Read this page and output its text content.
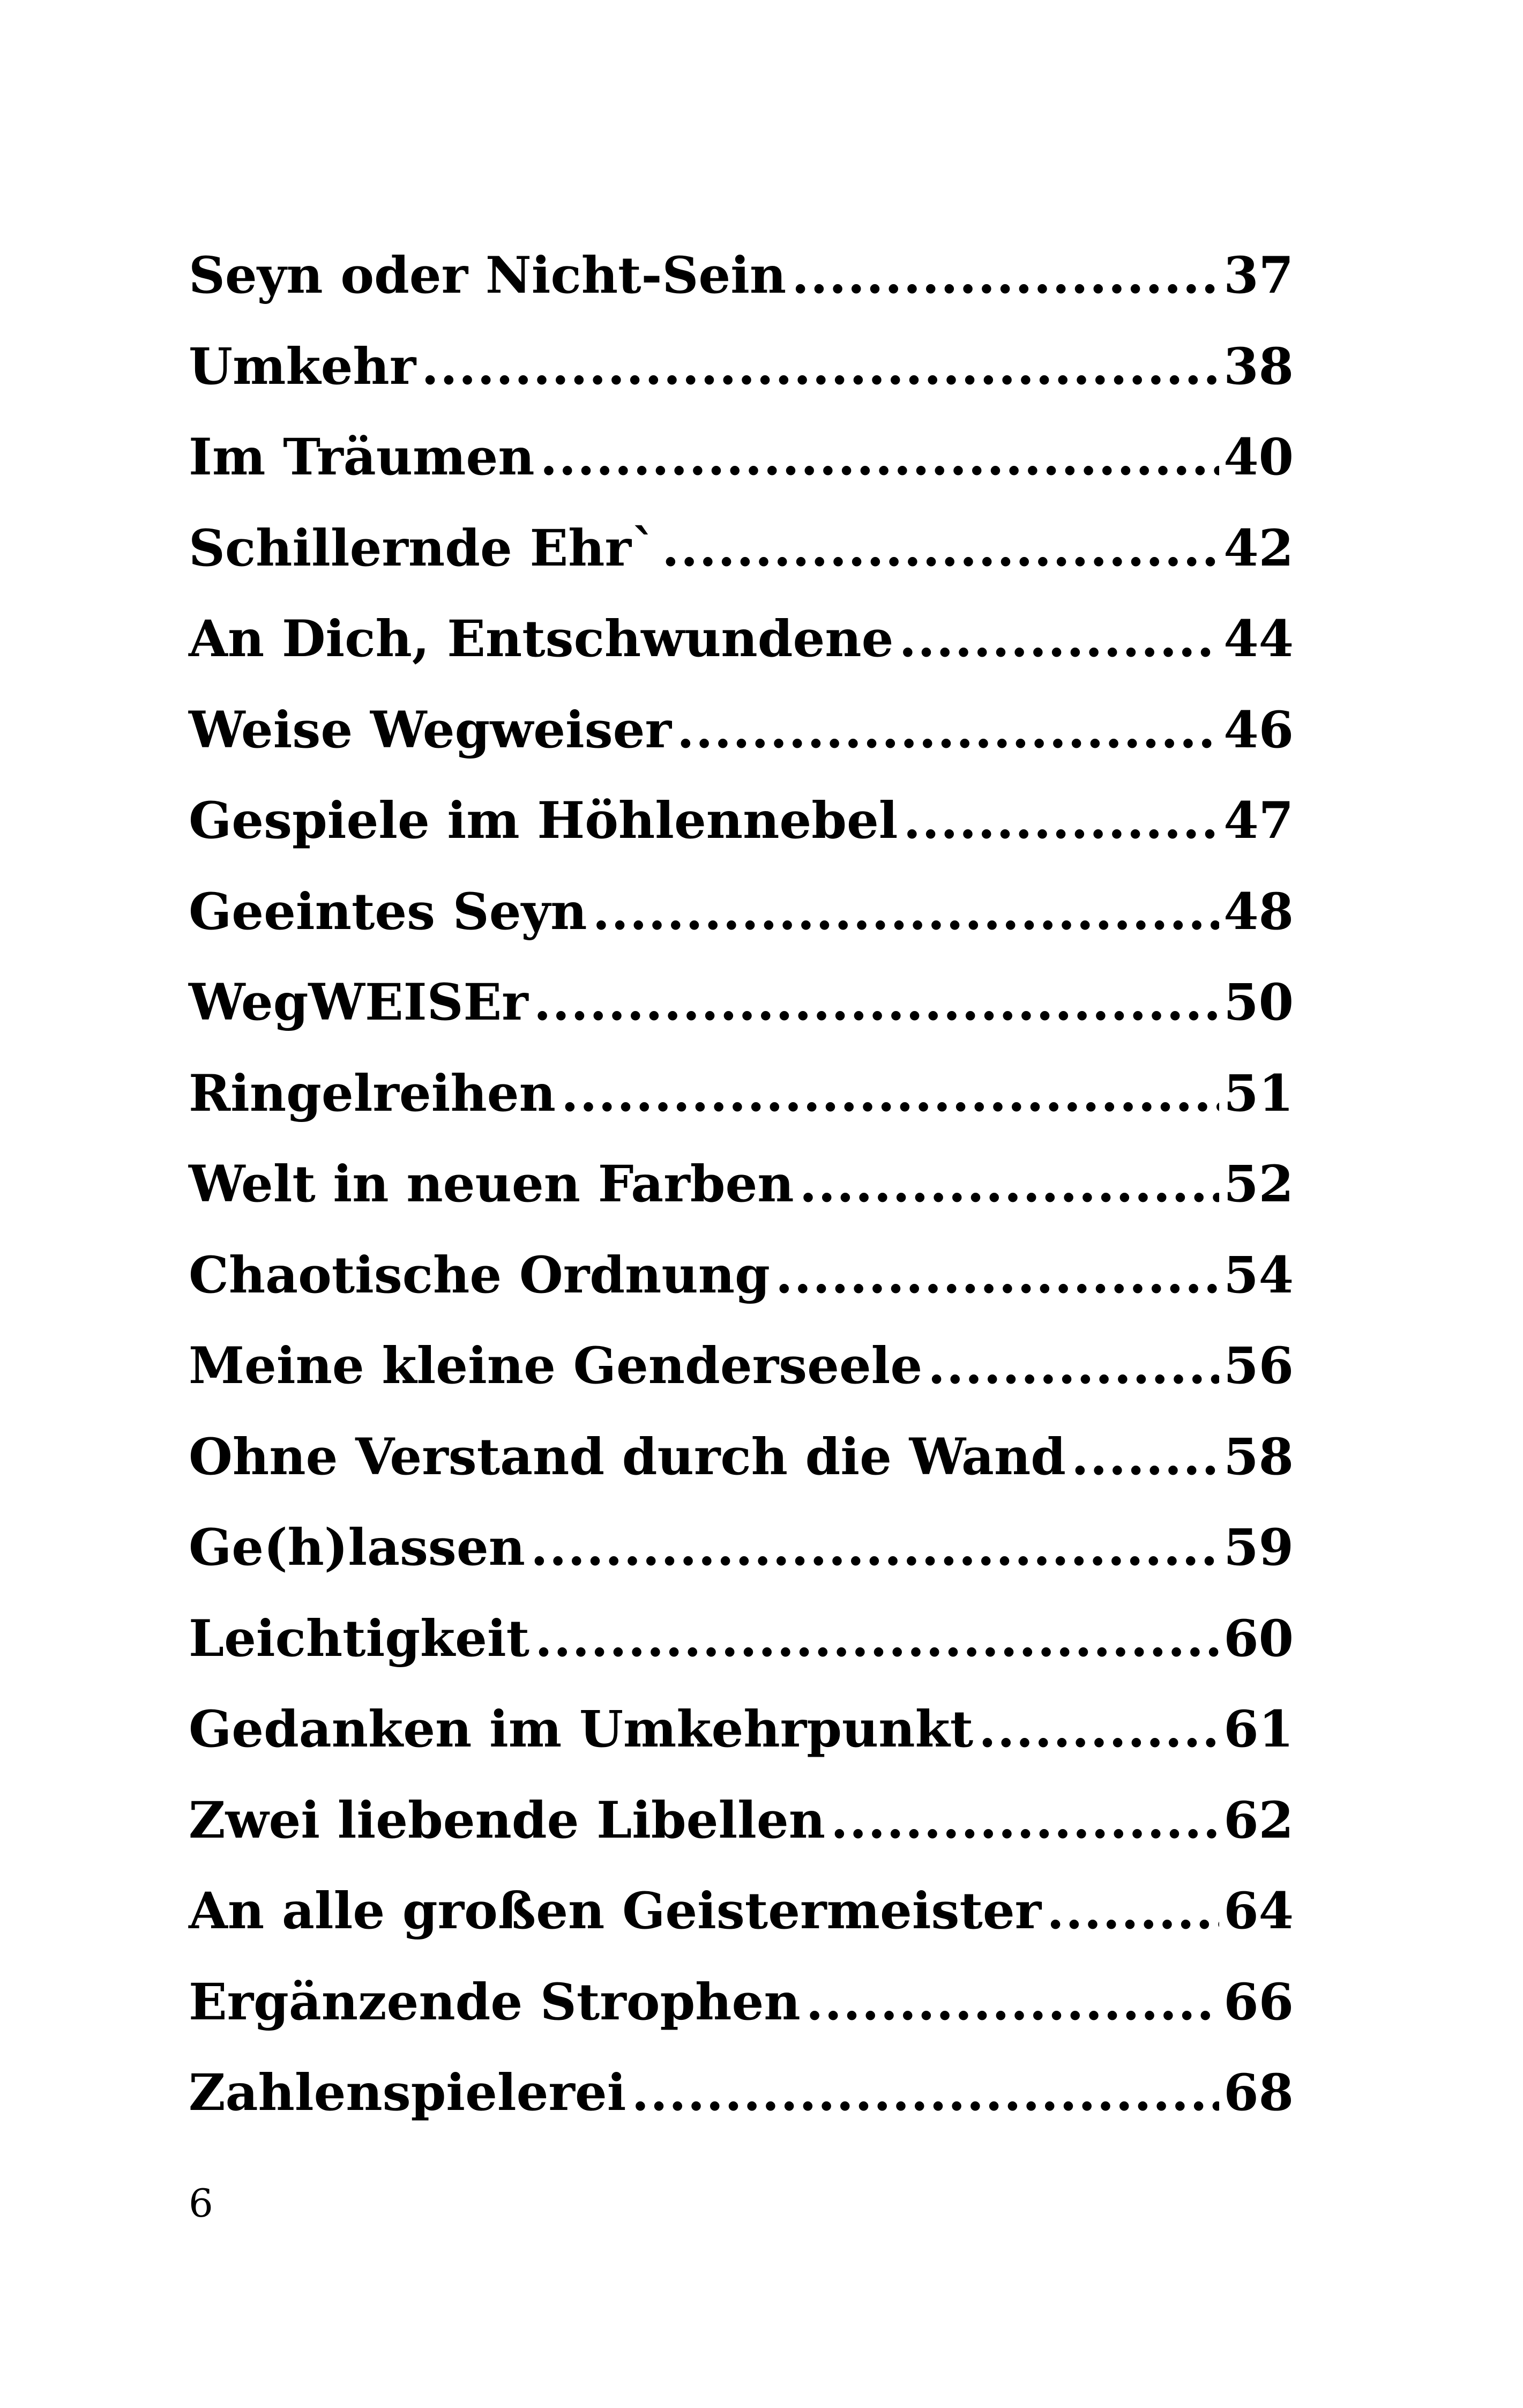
Seyn oder Nicht-Sein .....	37
Umkehr .....	38
Im Träumen .....	40
Schillernde Ehr` .....	42
An Dich, Entschwundene .....	44
Weise Wegweiser .....	46
Gespiele im Höhlennebel .....	47
Geeintes Seyn .....	48
WegWEISEr .....	50
Ringelreihen .....	51
Welt in neuen Farben .....	52
Chaotische Ordnung .....	54
Meine kleine Genderseele .....	56
Ohne Verstand durch die Wand .....	58
Ge(h)lassen .....	59
Leichtigkeit .....	60
Gedanken im Umkehrpunkt .....	61
Zwei liebende Libellen .....	62
An alle großen Geistermeister .....	64
Ergänzende Strophen .....	66
Zahlenspielerei .....	68
6
